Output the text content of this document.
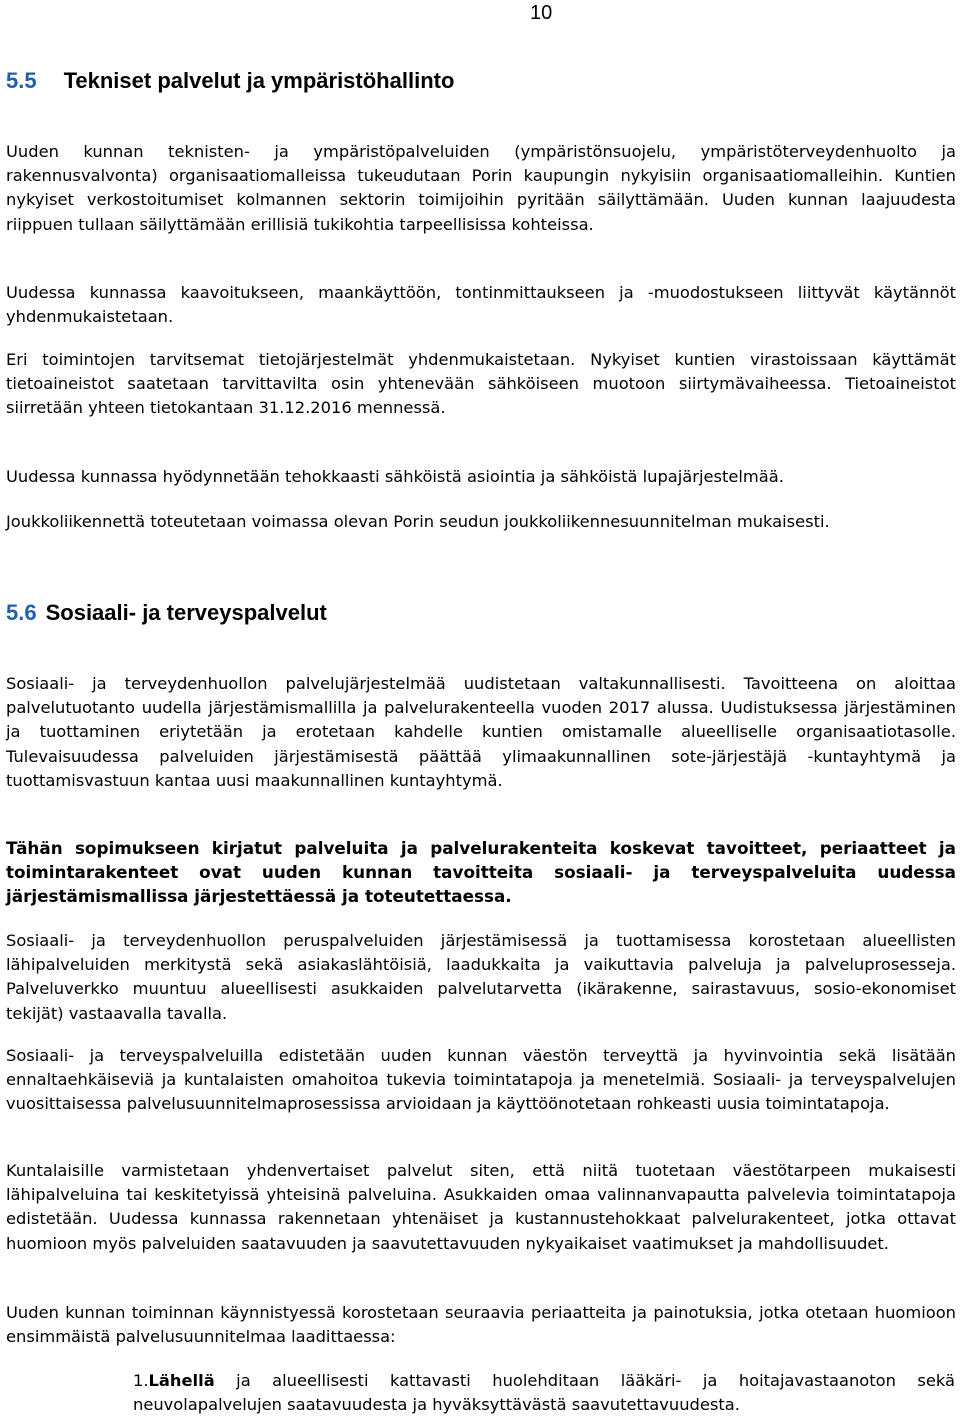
10
5.5 Tekniset palvelut ja ympäristöhallinto

Uuden kunnan teknisten- ja ympäristöpalveluiden (ympäristönsuojelu, ympäristöterveydenhuolto ja rakennusvalvonta) organisaatiomalleissa tukeudutaan Porin kaupungin nykyisiin organisaatiomalleihin. Kuntien nykyiset verkostoitumiset kolmannen sektorin toimijoihin pyritään säilyttämään. Uuden kunnan laajuudesta riippuen tullaan säilyttämään erillisiä tukikohtia tarpeellisissa kohteissa.

Uudessa kunnassa kaavoitukseen, maankäyttöön, tontinmittaukseen ja -muodostukseen liittyvät käytännöt yhdenmukaistetaan.

Eri toimintojen tarvitsemat tietojärjestelmät yhdenmukaistetaan. Nykyiset kuntien virastoissaan käyttämät tietoaineistot saatetaan tarvittavilta osin yhtenevään sähköiseen muotoon siirtymävaiheessa. Tietoaineistot siirretään yhteen tietokantaan 31.12.2016 mennessä.

Uudessa kunnassa hyödynnetään tehokkaasti sähköistä asiointia ja sähköistä lupajärjestelmää.

Joukkoliikennettä toteutetaan voimassa olevan Porin seudun joukkoliikennesuunnitelman mukaisesti.

5.6 Sosiaali- ja terveyspalvelut

Sosiaali- ja terveydenhuollon palvelujärjestelmää uudistetaan valtakunnallisesti. Tavoitteena on aloittaa palvelutuotanto uudella järjestämismallilla ja palvelurakenteella vuoden 2017 alussa. Uudistuksessa järjestäminen ja tuottaminen eriytetään ja erotetaan kahdelle kuntien omistamalle alueelliselle organisaatiotasolle. Tulevaisuudessa palveluiden järjestämisestä päättää ylimaakunnallinen sote-järjestäjä -kuntayhtymä ja tuottamisvastuun kantaa uusi maakunnallinen kuntayhtymä.

Tähän sopimukseen kirjatut palveluita ja palvelurakenteita koskevat tavoitteet, periaatteet ja toimintarakenteet ovat uuden kunnan tavoitteita sosiaali- ja terveyspalveluita uudessa järjestämismallissa järjestettäessä ja toteutettaessa.

Sosiaali- ja terveydenhuollon peruspalveluiden järjestämisessä ja tuottamisessa korostetaan alueellisten lähipalveluiden merkitystä sekä asiakaslähtöisiä, laadukkaita ja vaikuttavia palveluja ja palveluprosesseja. Palveluverkko muuntuu alueellisesti asukkaiden palvelutarvetta (ikärakenne, sairastavuus, sosio-ekonomiset tekijät) vastaavalla tavalla.

Sosiaali- ja terveyspalveluilla edistetään uuden kunnan väestön terveyttä ja hyvinvointia sekä lisätään ennaltaehkäiseviä ja kuntalaisten omahoitoa tukevia toimintatapoja ja menetelmiä. Sosiaali- ja terveyspalvelujen vuosittaisessa palvelusuunnitelmaprosessissa arvioidaan ja käyttöönotetaan rohkeasti uusia toimintatapoja.

Kuntalaisille varmistetaan yhdenvertaiset palvelut siten, että niitä tuotetaan väestötarpeen mukaisesti lähipalveluina tai keskitetyissä yhteisinä palveluina. Asukkaiden omaa valinnanvapautta palvelevia toimintatapoja edistetään. Uudessa kunnassa rakennetaan yhtenäiset ja kustannustehokkaat palvelurakenteet, jotka ottavat huomioon myös palveluiden saatavuuden ja saavutettavuuden nykyaikaiset vaatimukset ja mahdollisuudet.

Uuden kunnan toiminnan käynnistyessä korostetaan seuraavia periaatteita ja painotuksia, jotka otetaan huomioon ensimmäistä palvelusuunnitelmaa laadittaessa:

1.Lähellä ja alueellisesti kattavasti huolehditaan lääkäri- ja hoitajavastaanoton sekä neuvolapalvelujen saatavuudesta ja hyväksyttävästä saavutettavuudesta.
